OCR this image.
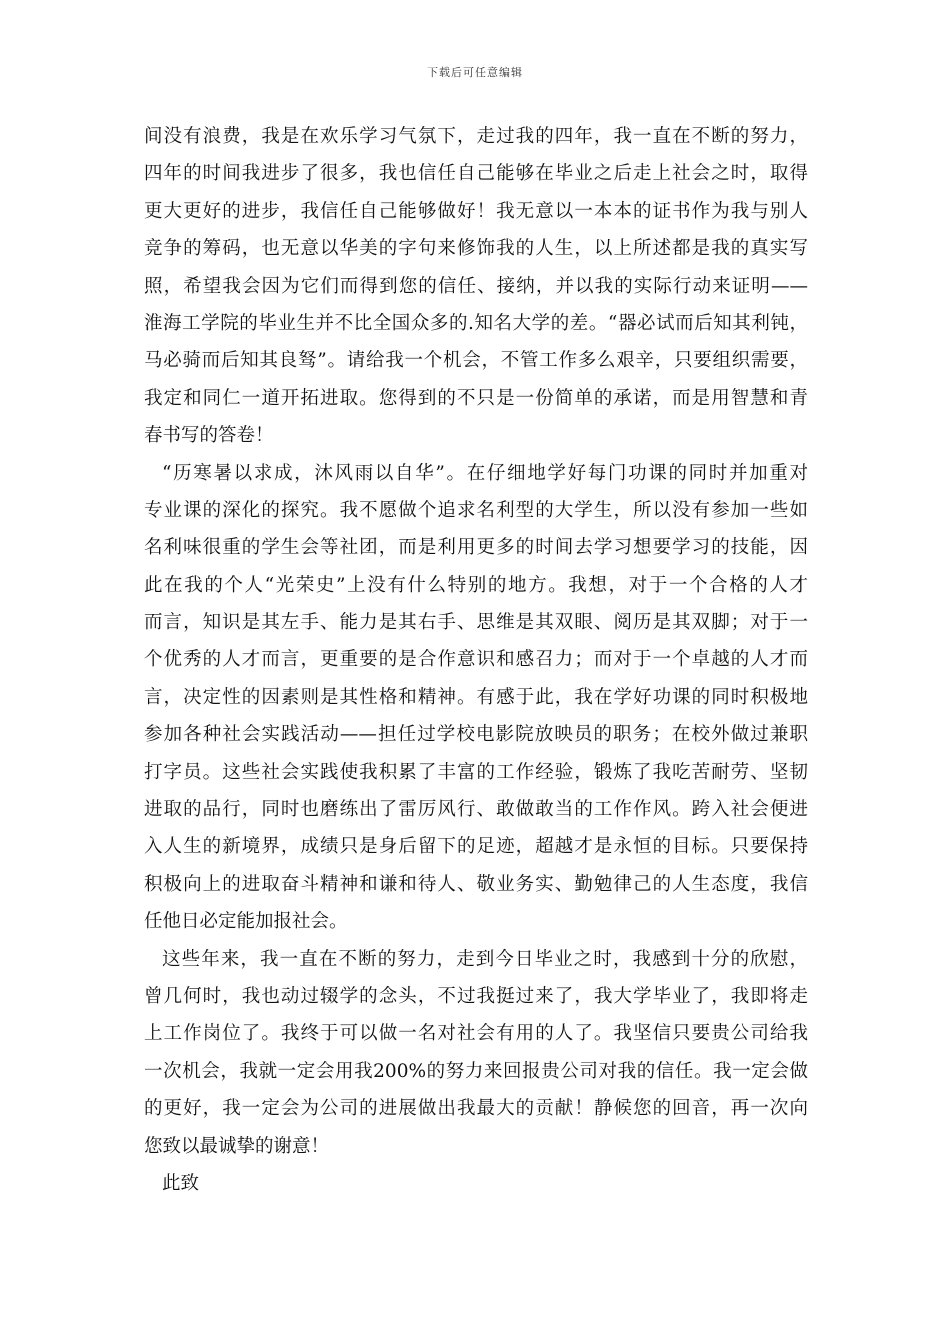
下载后可任意编辑
间没有浪费，我是在欢乐学习气氛下，走过我的四年，我一直在不断的努力，
四年的时间我进步了很多，我也信任自己能够在毕业之后走上社会之时，取得
更大更好的进步，我信任自己能够做好！我无意以一本本的证书作为我与别人
竞争的筹码，也无意以华美的字句来修饰我的人生，以上所述都是我的真实写
照，希望我会因为它们而得到您的信任、接纳，并以我的实际行动来证明——
淮海工学院的毕业生并不比全国众多的.知名大学的差。“器必试而后知其利钝，
马必骑而后知其良驽”。请给我一个机会，不管工作多么艰辛，只要组织需要，
我定和同仁一道开拓进取。您得到的不只是一份简单的承诺，而是用智慧和青
春书写的答卷！
“历寒暑以求成，沐风雨以自华”。在仔细地学好每门功课的同时并加重对
专业课的深化的探究。我不愿做个追求名利型的大学生，所以没有参加一些如
名利味很重的学生会等社团，而是利用更多的时间去学习想要学习的技能，因
此在我的个人“光荣史”上没有什么特别的地方。我想，对于一个合格的人才
而言，知识是其左手、能力是其右手、思维是其双眼、阅历是其双脚；对于一
个优秀的人才而言，更重要的是合作意识和感召力；而对于一个卓越的人才而
言，决定性的因素则是其性格和精神。有感于此，我在学好功课的同时积极地
参加各种社会实践活动——担任过学校电影院放映员的职务；在校外做过兼职
打字员。这些社会实践使我积累了丰富的工作经验，锻炼了我吃苦耐劳、坚韧
进取的品行，同时也磨练出了雷厉风行、敢做敢当的工作作风。跨入社会便进
入人生的新境界，成绩只是身后留下的足迹，超越才是永恒的目标。只要保持
积极向上的进取奋斗精神和谦和待人、敬业务实、勤勉律己的人生态度，我信
任他日必定能加报社会。
这些年来，我一直在不断的努力，走到今日毕业之时，我感到十分的欣慰，
曾几何时，我也动过辍学的念头，不过我挺过来了，我大学毕业了，我即将走
上工作岗位了。我终于可以做一名对社会有用的人了。我坚信只要贵公司给我
一次机会，我就一定会用我200%的努力来回报贵公司对我的信任。我一定会做
的更好，我一定会为公司的进展做出我最大的贡献！静候您的回音，再一次向
您致以最诚挚的谢意！
此致
